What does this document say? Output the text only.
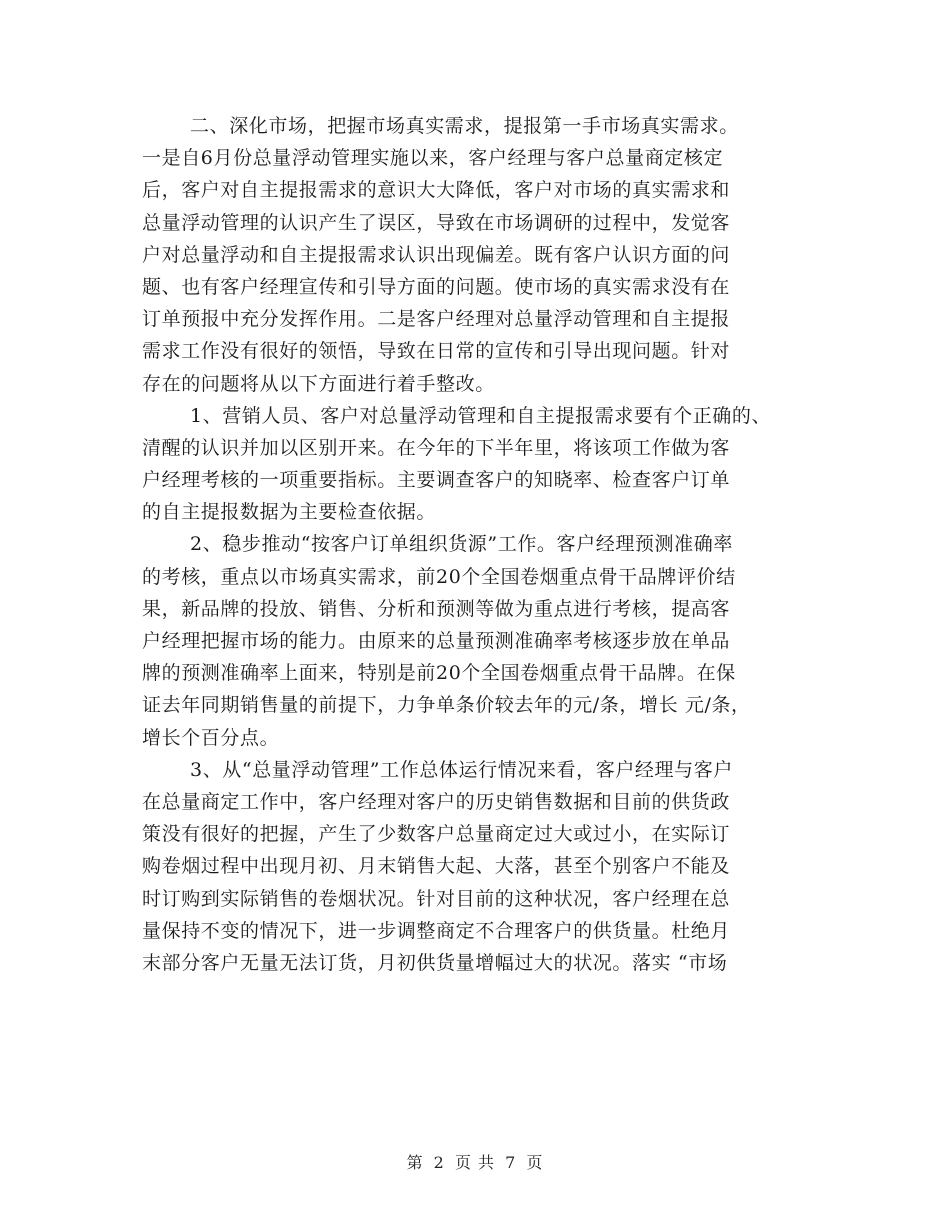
二、深化市场，把握市场真实需求，提报第一手市场真实需求。
一是自6月份总量浮动管理实施以来，客户经理与客户总量商定核定
后，客户对自主提报需求的意识大大降低，客户对市场的真实需求和
总量浮动管理的认识产生了误区，导致在市场调研的过程中，发觉客
户对总量浮动和自主提报需求认识出现偏差。既有客户认识方面的问
题、也有客户经理宣传和引导方面的问题。使市场的真实需求没有在
订单预报中充分发挥作用。二是客户经理对总量浮动管理和自主提报
需求工作没有很好的领悟，导致在日常的宣传和引导出现问题。针对
存在的问题将从以下方面进行着手整改。
1、营销人员、客户对总量浮动管理和自主提报需求要有个正确的、
清醒的认识并加以区别开来。在今年的下半年里，将该项工作做为客
户经理考核的一项重要指标。主要调查客户的知晓率、检查客户订单
的自主提报数据为主要检查依据。
2、稳步推动“按客户订单组织货源”工作。客户经理预测准确率
的考核，重点以市场真实需求，前20个全国卷烟重点骨干品牌评价结
果，新品牌的投放、销售、分析和预测等做为重点进行考核，提高客
户经理把握市场的能力。由原来的总量预测准确率考核逐步放在单品
牌的预测准确率上面来，特别是前20个全国卷烟重点骨干品牌。在保
证去年同期销售量的前提下，力争单条价较去年的元/条，增长 元/条，
增长个百分点。
3、从“总量浮动管理”工作总体运行情况来看，客户经理与客户
在总量商定工作中，客户经理对客户的历史销售数据和目前的供货政
策没有很好的把握，产生了少数客户总量商定过大或过小，在实际订
购卷烟过程中出现月初、月末销售大起、大落，甚至个别客户不能及
时订购到实际销售的卷烟状况。针对目前的这种状况，客户经理在总
量保持不变的情况下，进一步调整商定不合理客户的供货量。杜绝月
末部分客户无量无法订货，月初供货量增幅过大的状况。落实 “市场
第 2 页 共 7 页
